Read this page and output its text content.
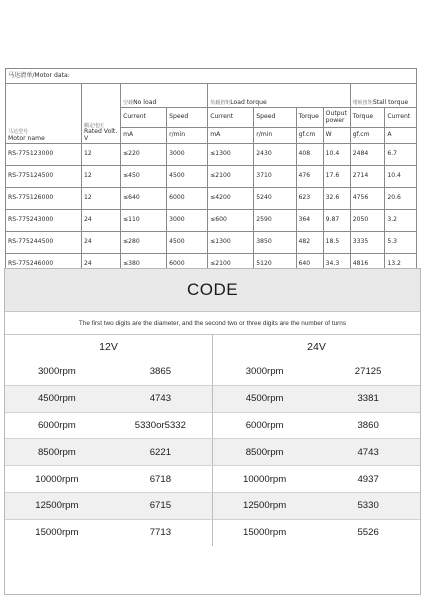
马达清单/Motor data:									
马达型号
Motor name	额定电压
Rated Volt. V	空载No load		负载扭矩Load torque				堵转扭矩Stall torque	
		Current	Speed	Current	Speed	Torque	Output power	Torque	Current
		mA	r/min	mA	r/min	gf.cm	W	gf.cm	A
RS-775123000	12	≤220	3000	≤1300	2430	408	10.4	2484	6.7
RS-775124500	12	≤450	4500	≤2100	3710	476	17.6	2714	10.4
RS-775126000	12	≤640	6000	≤4200	5240	623	32.6	4756	20.6
RS-775243000	24	≤110	3000	≤600	2590	364	9.87	2050	3.2
RS-775244500	24	≤280	4500	≤1300	3850	482	18.5	3335	5.3
RS-775246000	24	≤380	6000	≤2100	5120	640	34.3	4816	13.2
CODE
The first two digits are the diameter, and the second two or three digits are the number of turns
12V		24V	
3000rpm	3865	3000rpm	27125
4500rpm	4743	4500rpm	3381
6000rpm	5330or5332	6000rpm	3860
8500rpm	6221	8500rpm	4743
10000rpm	6718	10000rpm	4937
12500rpm	6715	12500rpm	5330
15000rpm	7713	15000rpm	5526
